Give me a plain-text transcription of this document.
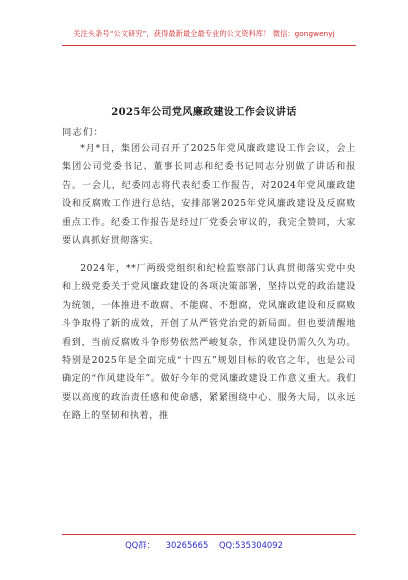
关注头条号“公文研究”，获得最新最全最专业的公文资料库！ 微信：gongwenyj
2025年公司党风廉政建设工作会议讲话
同志们：
*月*日，集团公司召开了2025年党风廉政建设工作会议，会上集团公司党委书记、董事长同志和纪委书记同志分别做了讲话和报告。一会儿，纪委同志将代表纪委工作报告，对2024年党风廉政建设和反腐败工作进行总结，安排部署2025年党风廉政建设及反腐败重点工作。纪委工作报告是经过厂党委会审议的，我完全赞同，大家要认真抓好贯彻落实。
2024年，**厂两级党组织和纪检监察部门认真贯彻落实党中央和上级党委关于党风廉政建设的各项决策部署，坚持以党的政治建设为统领，一体推进不敢腐、不能腐、不想腐，党风廉政建设和反腐败斗争取得了新的成效，开创了从严管党治党的新局面。但也要清醒地看到，当前反腐败斗争形势依然严峻复杂，作风建设仍需久久为功。特别是2025年是全面完成“十四五”规划目标的收官之年，也是公司确定的“作风建设年”。做好今年的党风廉政建设工作意义重大。我们要以高度的政治责任感和使命感，紧紧围绕中心、服务大局，以永远在路上的坚韧和执着，推
QQ群： 30265665 QQ:535304092
